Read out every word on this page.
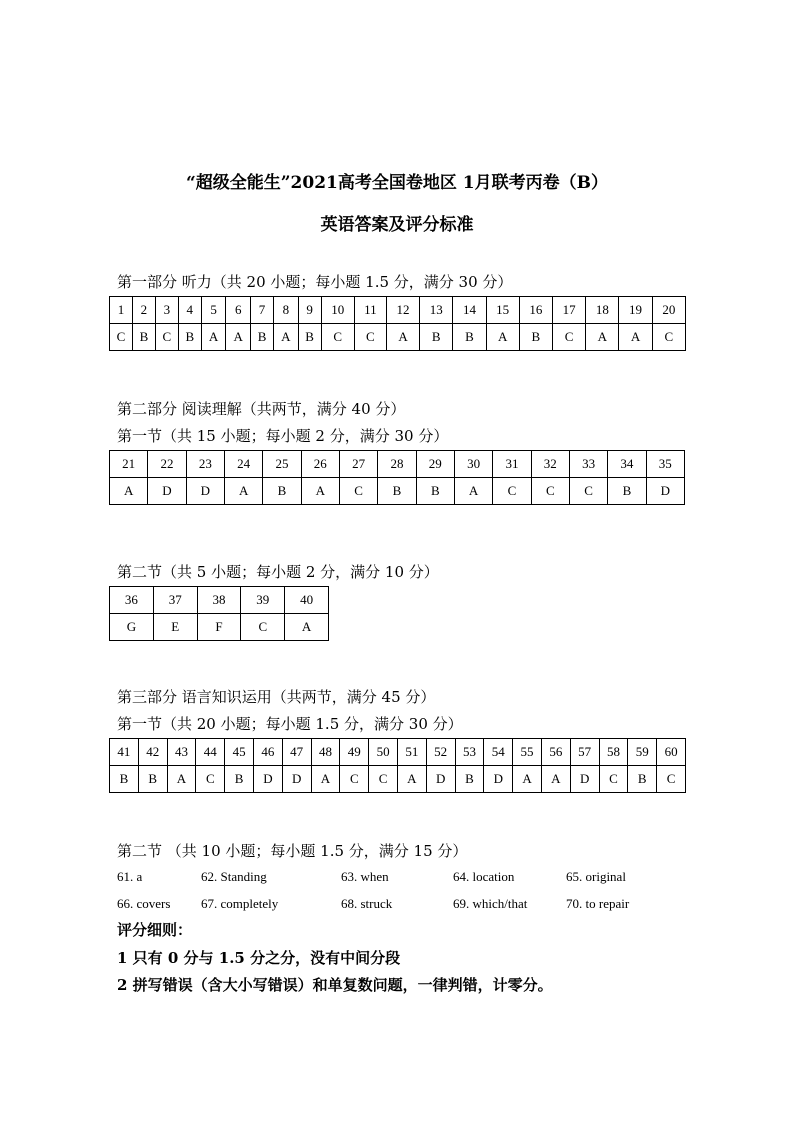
“超级全能生”2021高考全国卷地区 1月联考丙卷（B）
英语答案及评分标准

第一部分 听力（共 20 小题；每小题 1.5 分，满分 30 分）

1	2	3	4	5	6	7	8	9	10	11	12	13	14	15	16	17	18	19	20
C	B	C	B	A	A	B	A	B	C	C	A	B	B	A	B	C	A	A	C

第二部分 阅读理解（共两节，满分 40 分）

第一节（共 15 小题；每小题 2 分，满分 30 分）

21	22	23	24	25	26	27	28	29	30	31	32	33	34	35
A	D	D	A	B	A	C	B	B	A	C	C	C	B	D

第二节（共 5 小题；每小题 2 分，满分 10 分）

36	37	38	39	40
G	E	F	C	A

第三部分 语言知识运用（共两节，满分 45 分）

第一节（共 20 小题；每小题 1.5 分，满分 30 分）

41	42	43	44	45	46	47	48	49	50	51	52	53	54	55	56	57	58	59	60
B	B	A	C	B	D	D	A	C	C	A	D	B	D	A	A	D	C	B	C

第二节 （共 10 小题；每小题 1.5 分，满分 15 分）

61. a	62. Standing	63. when	64. location	65. original
66. covers 67. completely	68. struck	69. which/that	70. to repair

评分细则：

1 只有 0 分与 1.5 分之分，没有中间分段

2 拼写错误（含大小写错误）和单复数问题，一律判错，计零分。
